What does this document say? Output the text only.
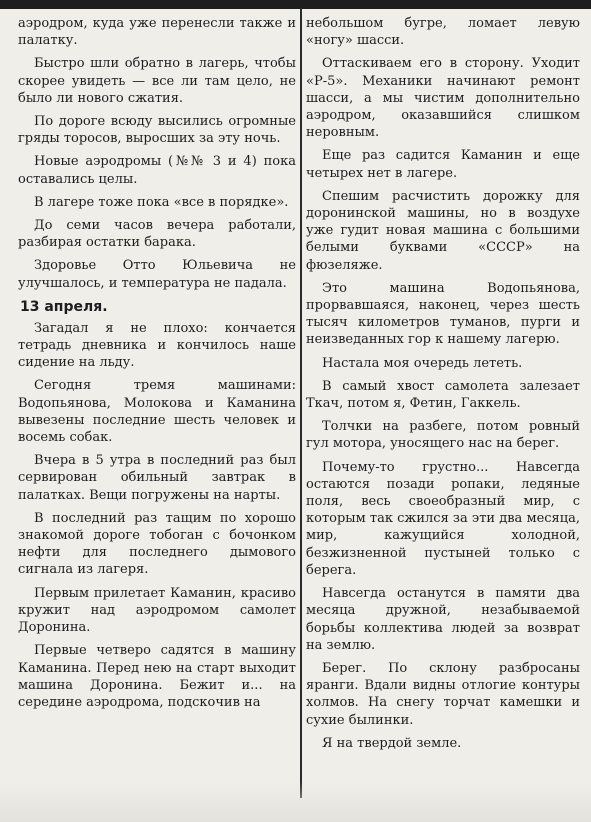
аэродром, куда уже перенесли также и палатку.

Быстро шли обратно в лагерь, чтобы скорее увидеть — все ли там цело, не было ли нового сжатия.

По дороге всюду высились огромные гряды торосов, выросших за эту ночь.

Новые аэродромы (№№ 3 и 4) пока оставались целы.

В лагере тоже пока «все в порядке».

До семи часов вечера работали, разбирая остатки барака.

Здоровье Отто Юльевича не улучшалось, и температура не падала.

13 апреля.

Загадал я не плохо: кончается тетрадь дневника и кончилось наше сидение на льду.

Сегодня тремя машинами: Водопьянова, Молокова и Каманина вывезены последние шесть человек и восемь собак.

Вчера в 5 утра в последний раз был сервирован обильный завтрак в палатках. Вещи погружены на нарты.

В последний раз тащим по хорошо знакомой дороге тобоган с бочонком нефти для последнего дымового сигнала из лагеря.

Первым прилетает Каманин, красиво кружит над аэродромом самолет Доронина.

Первые четверо садятся в машину Каманина. Перед нею на старт выходит машина Доронина. Бежит и... на середине аэродрома, подскочив на

небольшом бугре, ломает левую «ногу» шасси.

Оттаскиваем его в сторону. Уходит «Р-5». Механики начинают ремонт шасси, а мы чистим дополнительно аэродром, оказавшийся слишком неровным.

Еще раз садится Каманин и еще четырех нет в лагере.

Спешим расчистить дорожку для доронинской машины, но в воздухе уже гудит новая машина с большими белыми буквами «СССР» на фюзеляже.

Это машина Водопьянова, прорвавшаяся, наконец, через шесть тысяч километров туманов, пурги и неизведанных гор к нашему лагерю.

Настала моя очередь лететь.

В самый хвост самолета залезает Ткач, потом я, Фетин, Гаккель.

Толчки на разбеге, потом ровный гул мотора, уносящего нас на берег.

Почему-то грустно... Навсегда остаются позади ропаки, ледяные поля, весь своеобразный мир, с которым так сжился за эти два месяца, мир, кажущийся холодной, безжизненной пустыней только с берега.

Навсегда останутся в памяти два месяца дружной, незабываемой борьбы коллектива людей за возврат на землю.

Берег. По склону разбросаны яранги. Вдали видны отлогие контуры холмов. На снегу торчат камешки и сухие былинки.

Я на твердой земле.
